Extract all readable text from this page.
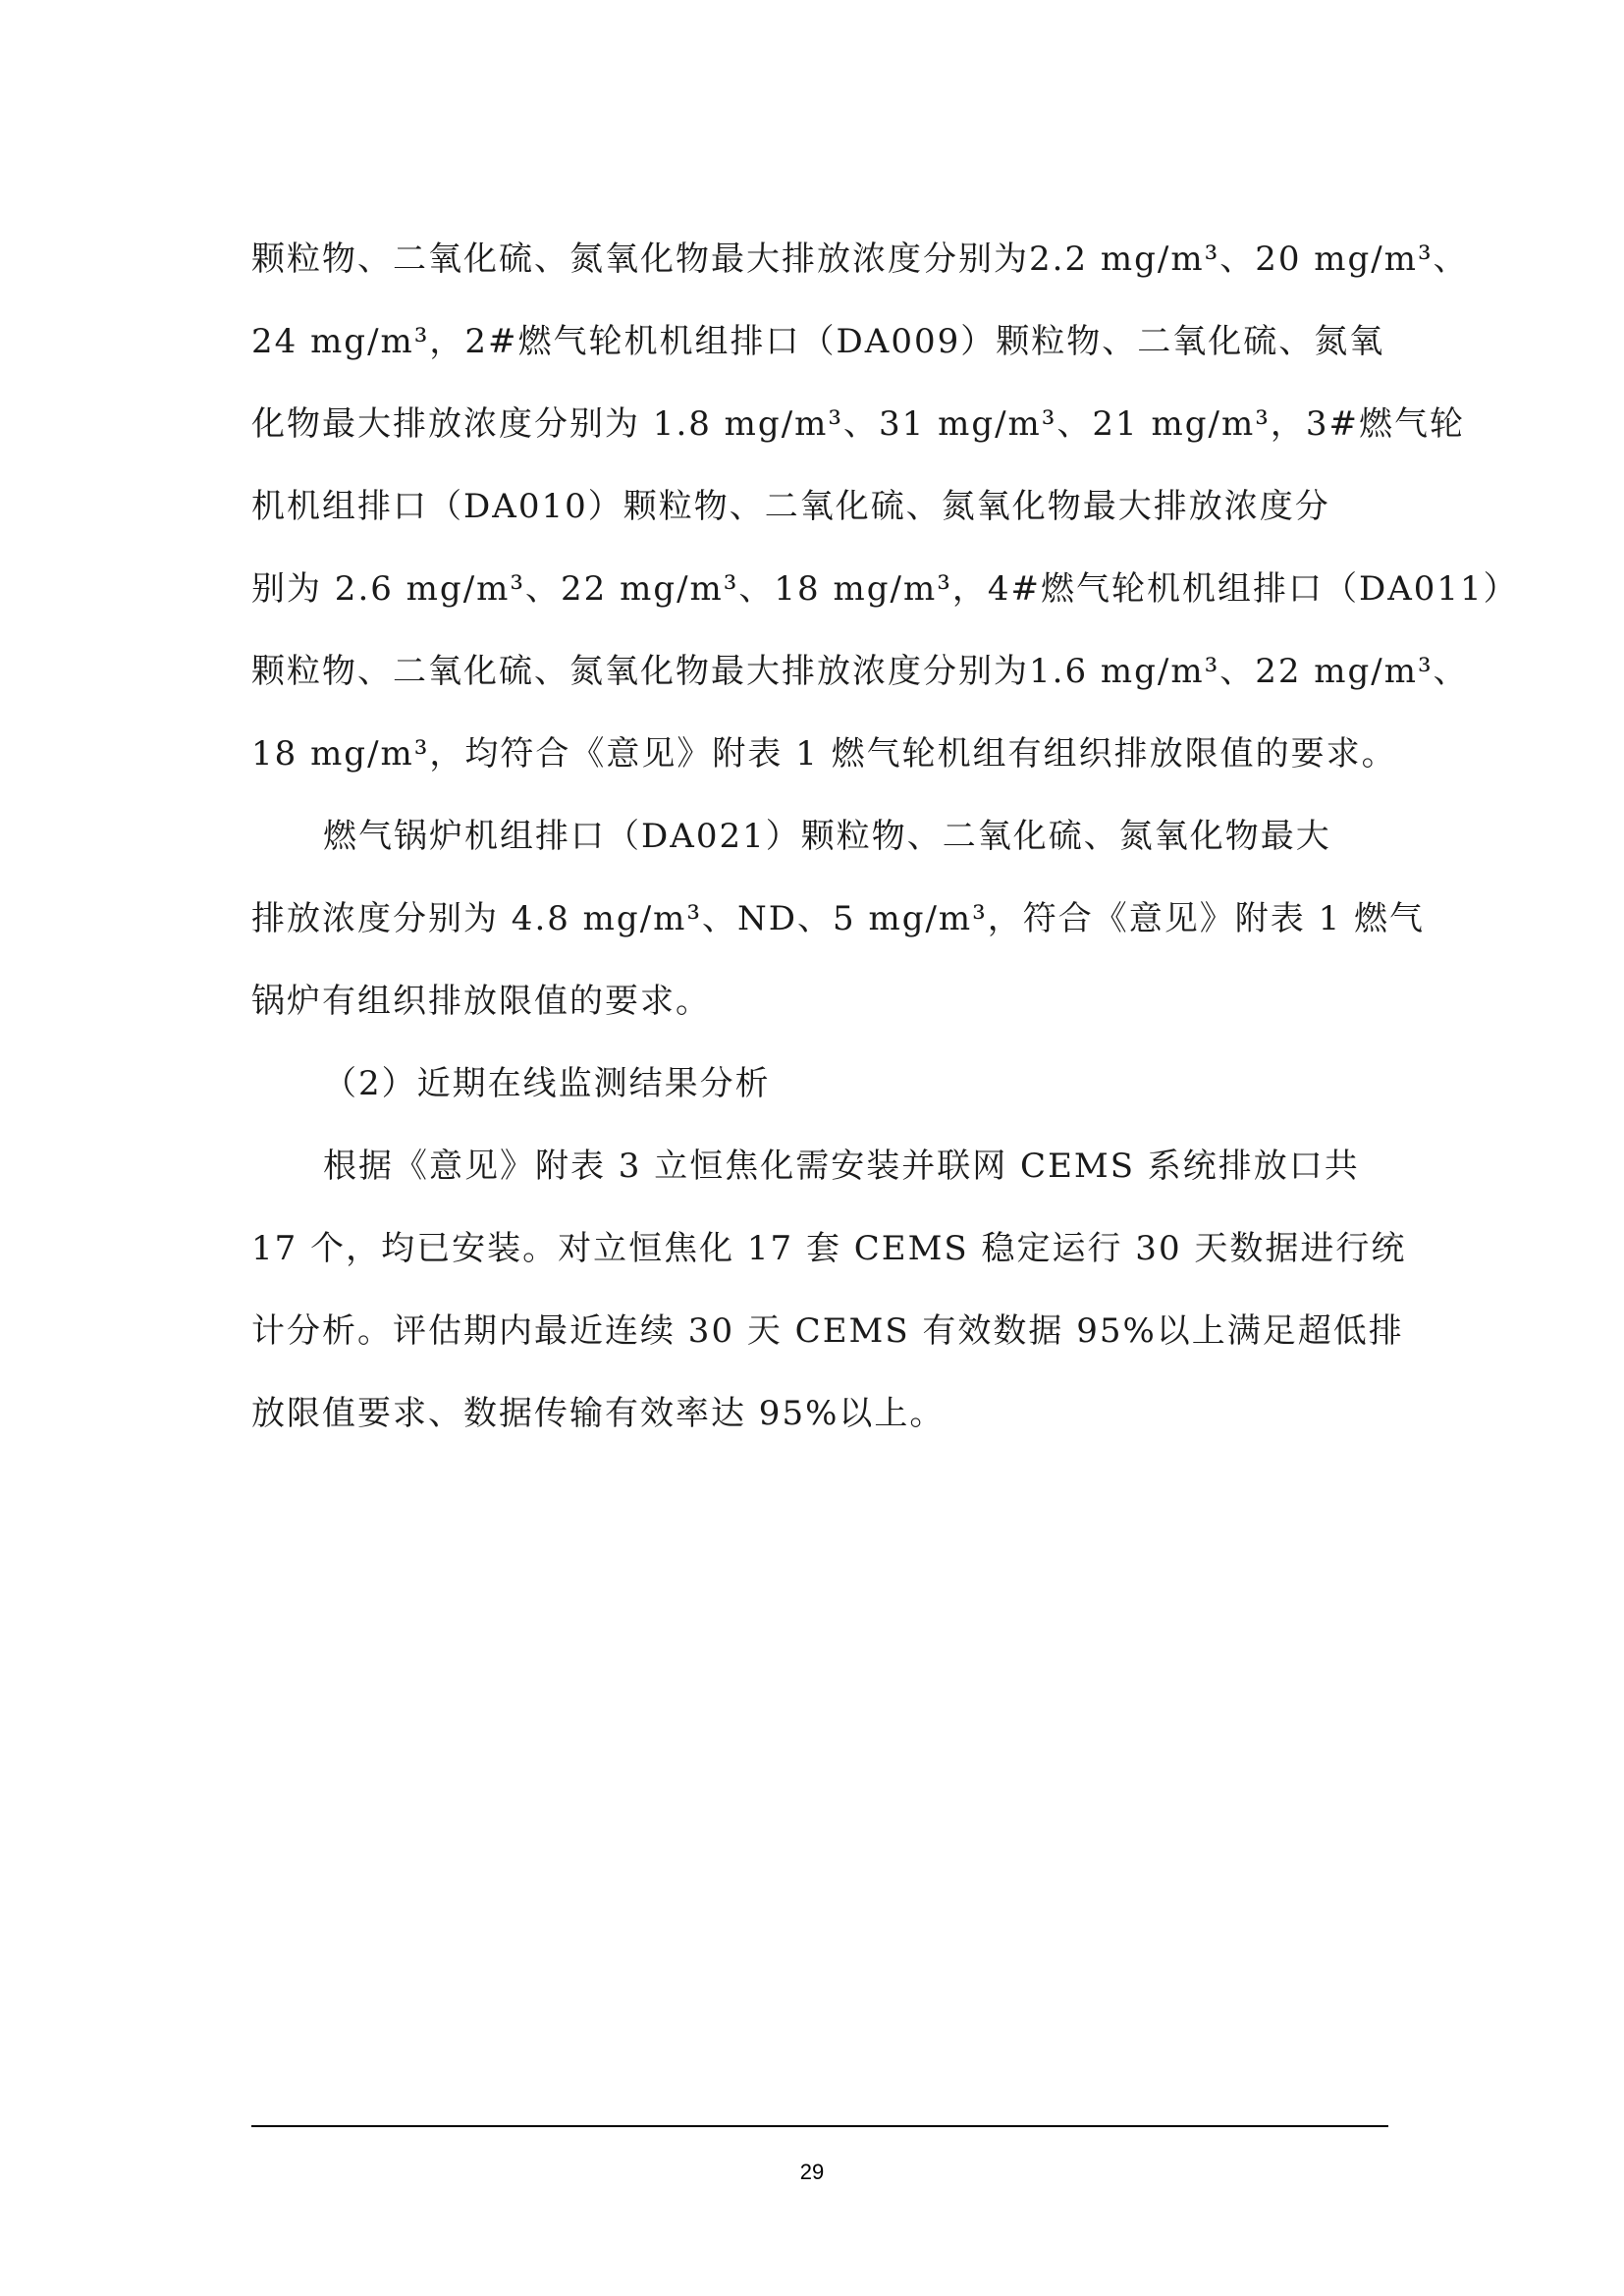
颗粒物、二氧化硫、氮氧化物最大排放浓度分别为2.2 mg/m³、20 mg/m³、
24 mg/m³，2#燃气轮机机组排口（DA009）颗粒物、二氧化硫、氮氧
化物最大排放浓度分别为 1.8 mg/m³、31 mg/m³、21 mg/m³，3#燃气轮
机机组排口（DA010）颗粒物、二氧化硫、氮氧化物最大排放浓度分
别为 2.6 mg/m³、22 mg/m³、18 mg/m³，4#燃气轮机机组排口（DA011）
颗粒物、二氧化硫、氮氧化物最大排放浓度分别为1.6 mg/m³、22 mg/m³、
18 mg/m³，均符合《意见》附表 1 燃气轮机组有组织排放限值的要求。
燃气锅炉机组排口（DA021）颗粒物、二氧化硫、氮氧化物最大
排放浓度分别为 4.8 mg/m³、ND、5 mg/m³，符合《意见》附表 1 燃气
锅炉有组织排放限值的要求。
（2）近期在线监测结果分析
根据《意见》附表 3 立恒焦化需安装并联网 CEMS 系统排放口共
17 个，均已安装。对立恒焦化 17 套 CEMS 稳定运行 30 天数据进行统
计分析。评估期内最近连续 30 天 CEMS 有效数据 95%以上满足超低排
放限值要求、数据传输有效率达 95%以上。
29
